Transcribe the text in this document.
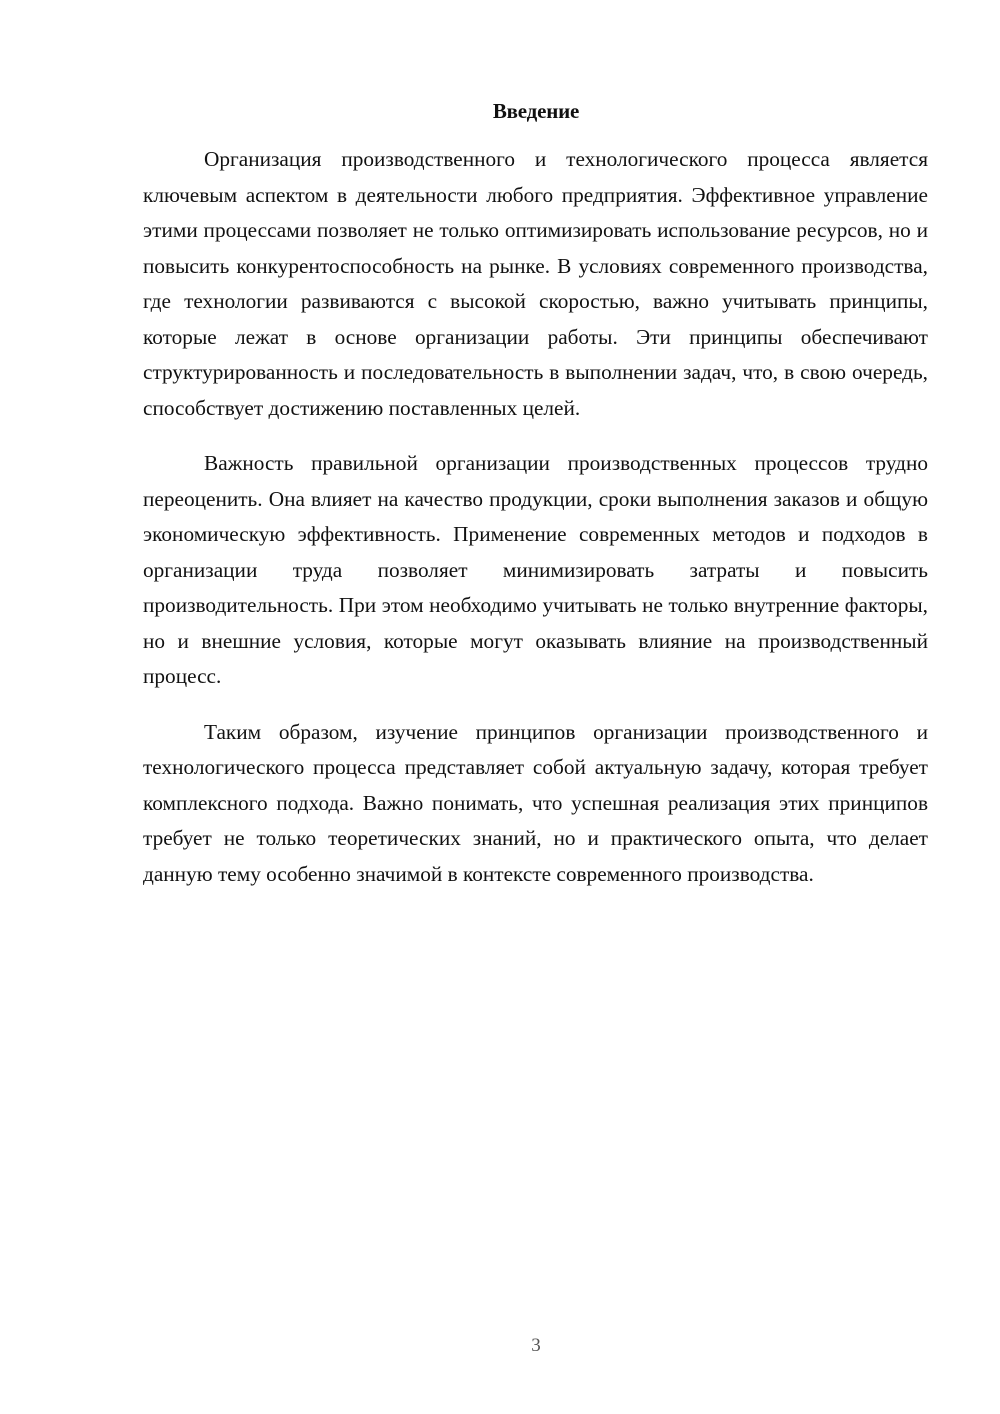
Введение

Организация производственного и технологического процесса является ключевым аспектом в деятельности любого предприятия. Эффективное управление этими процессами позволяет не только оптимизировать использование ресурсов, но и повысить конкурентоспособность на рынке. В условиях современного производства, где технологии развиваются с высокой скоростью, важно учитывать принципы, которые лежат в основе организации работы. Эти принципы обеспечивают структурированность и последовательность в выполнении задач, что, в свою очередь, способствует достижению поставленных целей.

Важность правильной организации производственных процессов трудно переоценить. Она влияет на качество продукции, сроки выполнения заказов и общую экономическую эффективность. Применение современных методов и подходов в организации труда позволяет минимизировать затраты и повысить производительность. При этом необходимо учитывать не только внутренние факторы, но и внешние условия, которые могут оказывать влияние на производственный процесс.

Таким образом, изучение принципов организации производственного и технологического процесса представляет собой актуальную задачу, которая требует комплексного подхода. Важно понимать, что успешная реализация этих принципов требует не только теоретических знаний, но и практического опыта, что делает данную тему особенно значимой в контексте современного производства.

3
